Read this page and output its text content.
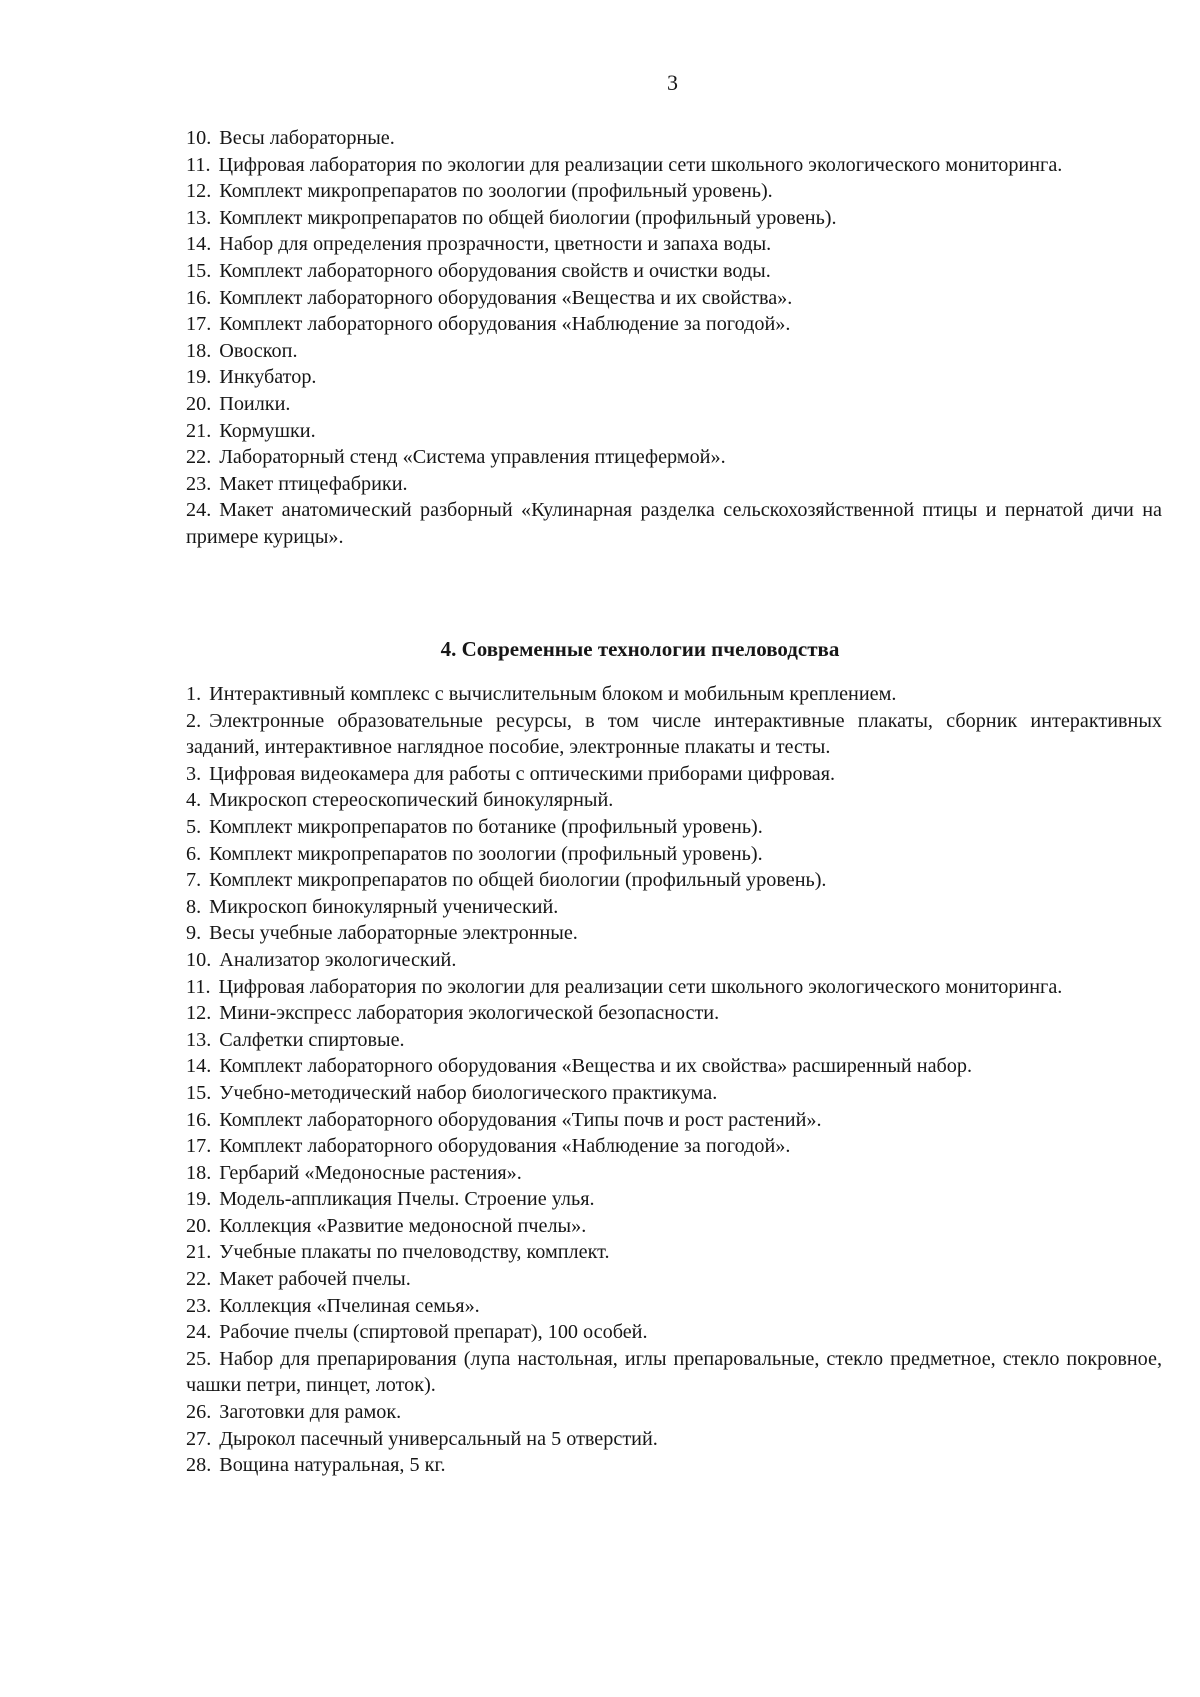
3
10. Весы лабораторные.
11. Цифровая лаборатория по экологии для реализации сети школьного экологического мониторинга.
12. Комплект микропрепаратов по зоологии (профильный уровень).
13. Комплект микропрепаратов по общей биологии (профильный уровень).
14. Набор для определения прозрачности, цветности и запаха воды.
15. Комплект лабораторного оборудования свойств и очистки воды.
16. Комплект лабораторного оборудования «Вещества и их свойства».
17. Комплект лабораторного оборудования «Наблюдение за погодой».
18. Овоскоп.
19. Инкубатор.
20. Поилки.
21. Кормушки.
22. Лабораторный стенд «Система управления птицефермой».
23. Макет птицефабрики.
24. Макет анатомический разборный «Кулинарная разделка сельскохозяйственной птицы и пернатой дичи на примере курицы».
4. Современные технологии пчеловодства
1. Интерактивный комплекс с вычислительным блоком и мобильным креплением.
2. Электронные образовательные ресурсы, в том числе интерактивные плакаты, сборник интерактивных заданий, интерактивное наглядное пособие, электронные плакаты и тесты.
3. Цифровая видеокамера для работы с оптическими приборами цифровая.
4. Микроскоп стереоскопический бинокулярный.
5. Комплект микропрепаратов по ботанике (профильный уровень).
6. Комплект микропрепаратов по зоологии (профильный уровень).
7. Комплект микропрепаратов по общей биологии (профильный уровень).
8. Микроскоп бинокулярный ученический.
9. Весы учебные лабораторные электронные.
10. Анализатор экологический.
11. Цифровая лаборатория по экологии для реализации сети школьного экологического мониторинга.
12. Мини-экспресс лаборатория экологической безопасности.
13. Салфетки спиртовые.
14. Комплект лабораторного оборудования «Вещества и их свойства» расширенный набор.
15. Учебно-методический набор биологического практикума.
16. Комплект лабораторного оборудования «Типы почв и рост растений».
17. Комплект лабораторного оборудования «Наблюдение за погодой».
18. Гербарий «Медоносные растения».
19. Модель-аппликация Пчелы. Строение улья.
20. Коллекция «Развитие медоносной пчелы».
21. Учебные плакаты по пчеловодству, комплект.
22. Макет рабочей пчелы.
23. Коллекция «Пчелиная семья».
24. Рабочие пчелы (спиртовой препарат), 100 особей.
25. Набор для препарирования (лупа настольная, иглы препаровальные, стекло предметное, стекло покровное, чашки петри, пинцет, лоток).
26. Заготовки для рамок.
27. Дырокол пасечный универсальный на 5 отверстий.
28. Вощина натуральная, 5 кг.
